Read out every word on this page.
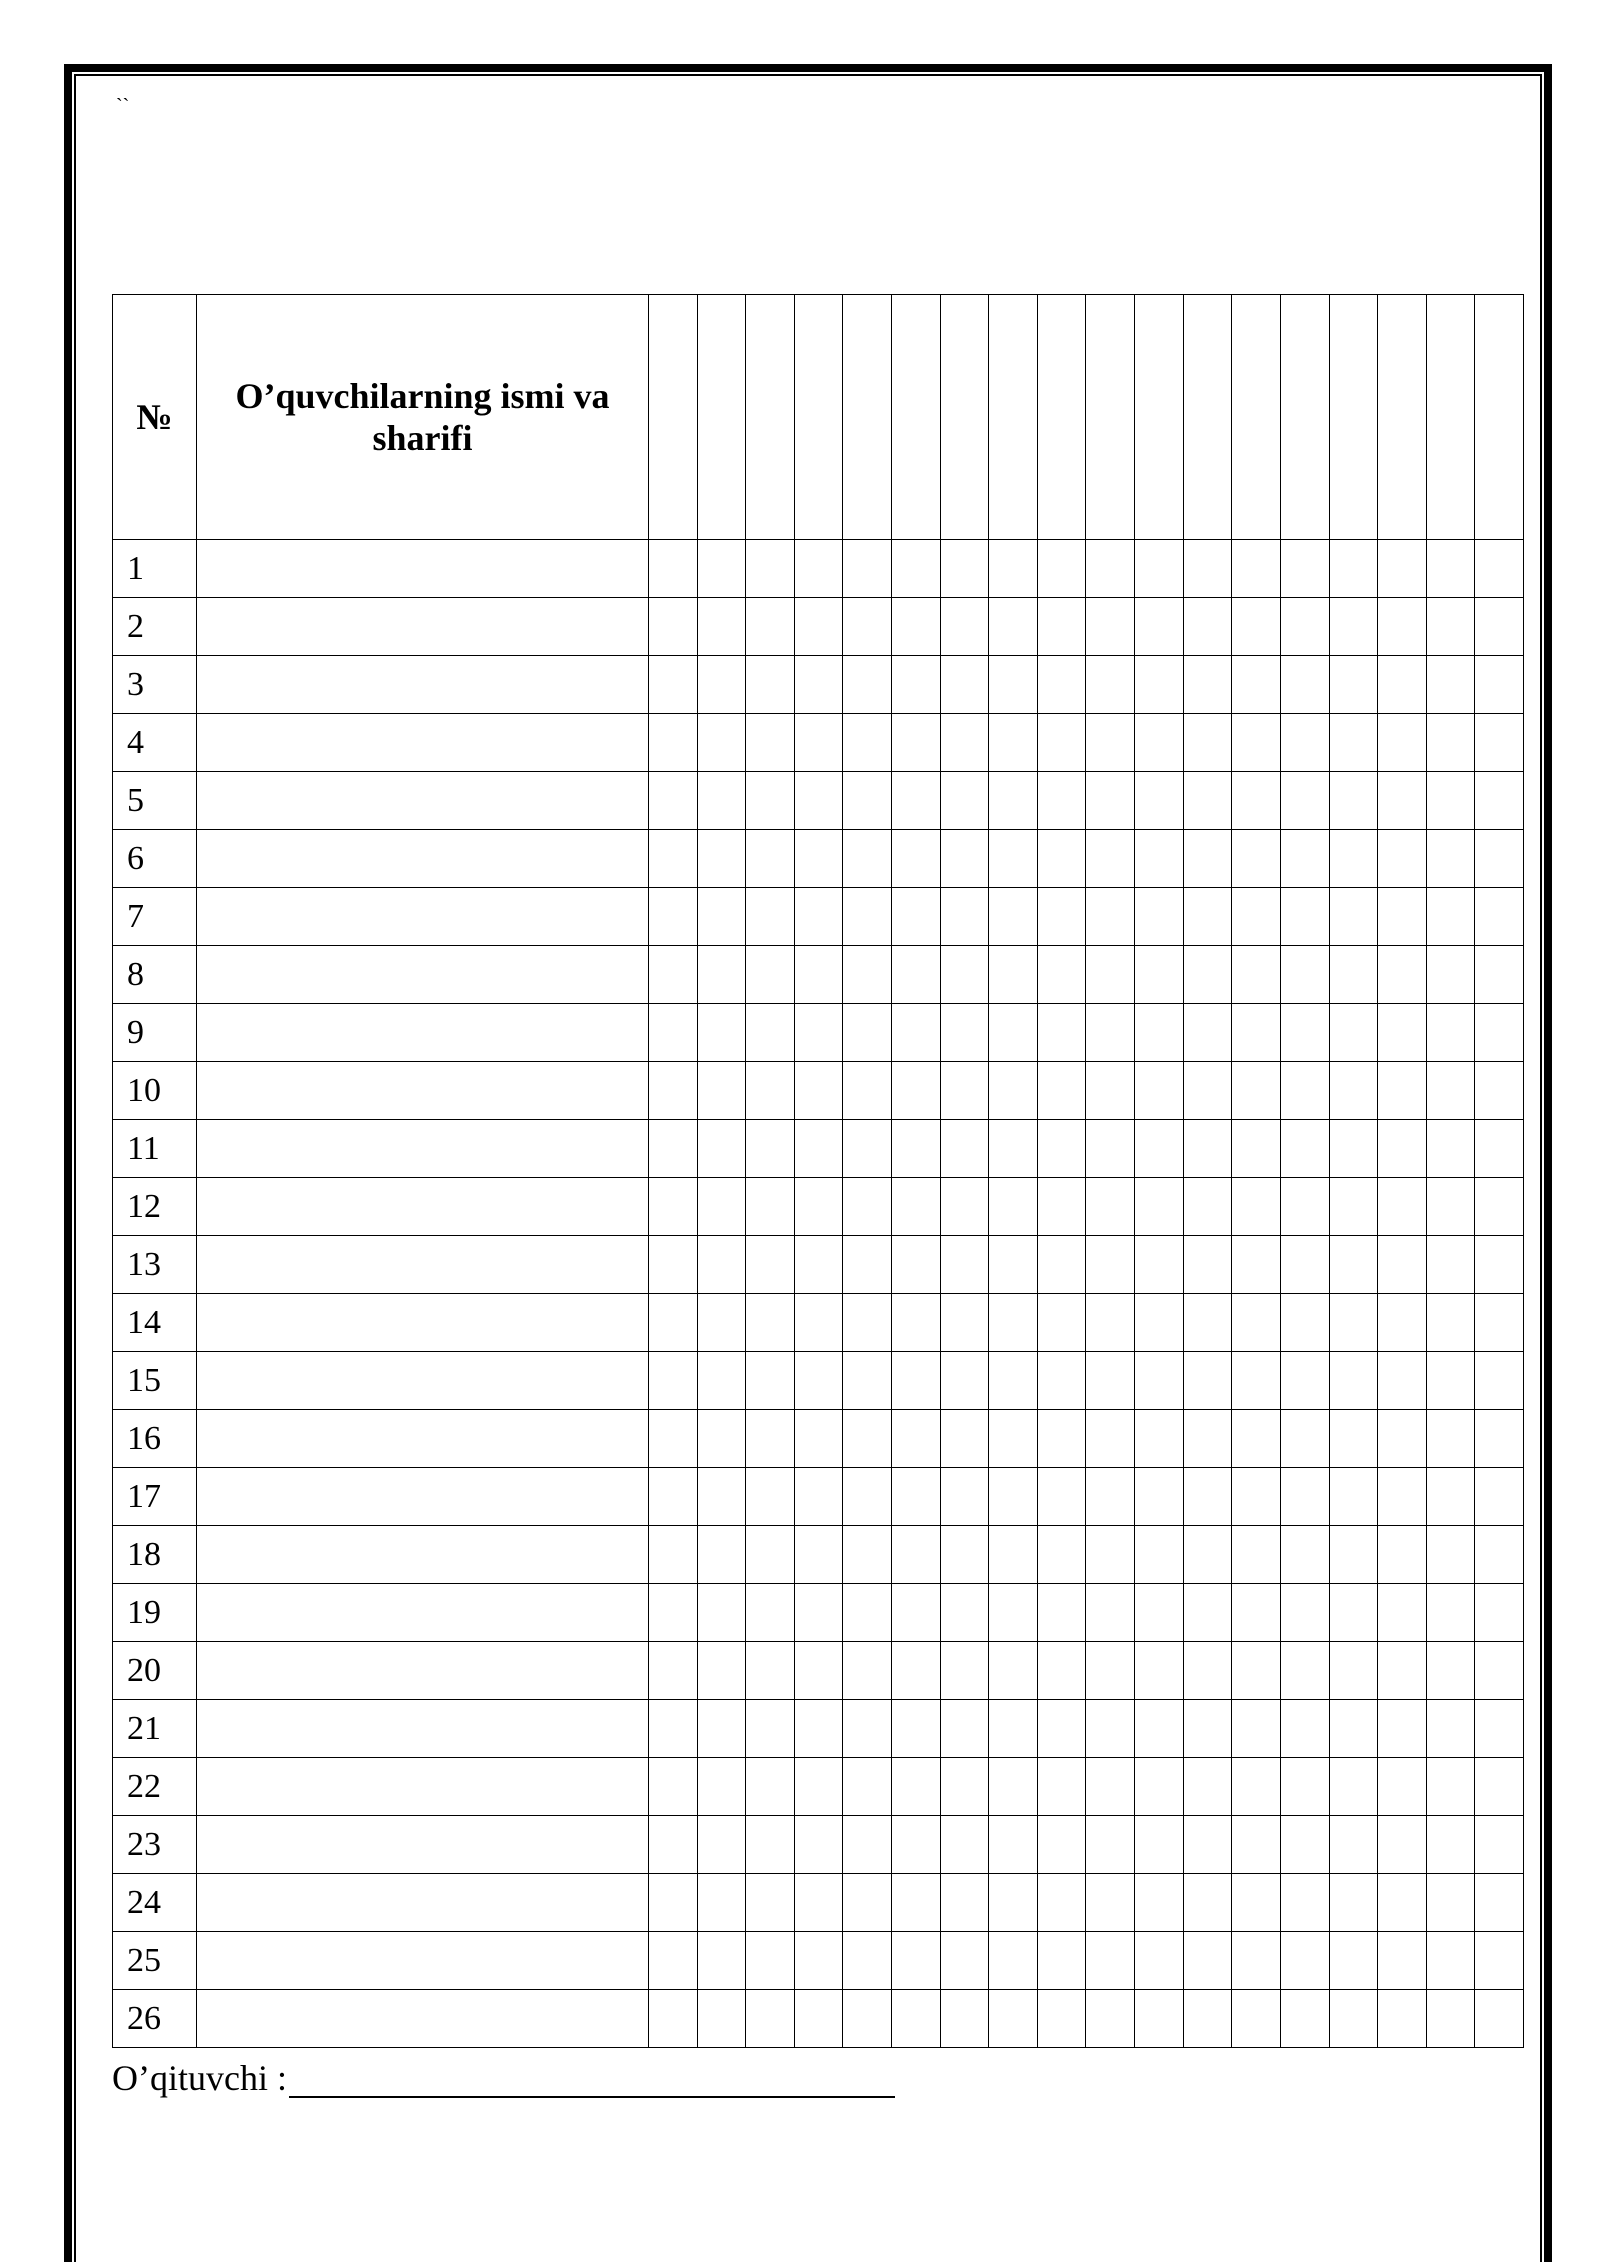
``
№	O’quvchilarning ismi va sharifi																		
1																			
2																			
3																			
4																			
5																			
6																			
7																			
8																			
9																			
10																			
11																			
12																			
13																			
14																			
15																			
16																			
17																			
18																			
19																			
20																			
21																			
22																			
23																			
24																			
25																			
26																			
O’qituvchi :
